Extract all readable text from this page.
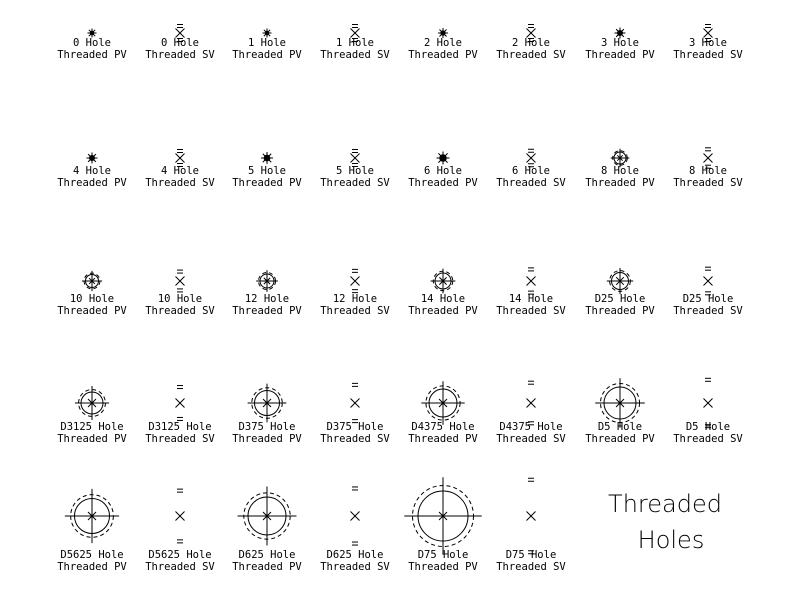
0 Hole
Threaded PV
0 Hole
Threaded SV
1 Hole
Threaded PV
1 Hole
Threaded SV
2 Hole
Threaded PV
2 Hole
Threaded SV
3 Hole
Threaded PV
3 Hole
Threaded SV
4 Hole
Threaded PV
4 Hole
Threaded SV
5 Hole
Threaded PV
5 Hole
Threaded SV
6 Hole
Threaded PV
6 Hole
Threaded SV
8 Hole
Threaded PV
8 Hole
Threaded SV
10 Hole
Threaded PV
10 Hole
Threaded SV
12 Hole
Threaded PV
12 Hole
Threaded SV
14 Hole
Threaded PV
14 Hole
Threaded SV
D25 Hole
Threaded PV
D25 Hole
Threaded SV
D3125 Hole
Threaded PV
D3125 Hole
Threaded SV
D375 Hole
Threaded PV
D375 Hole
Threaded SV
D4375 Hole
Threaded PV
D4375 Hole
Threaded SV
D5 Hole
Threaded PV
D5 Hole
Threaded SV
D5625 Hole
Threaded PV
D5625 Hole
Threaded SV
D625 Hole
Threaded PV
D625 Hole
Threaded SV
D75 Hole
Threaded PV
D75 Hole
Threaded SV
Threaded
Holes
